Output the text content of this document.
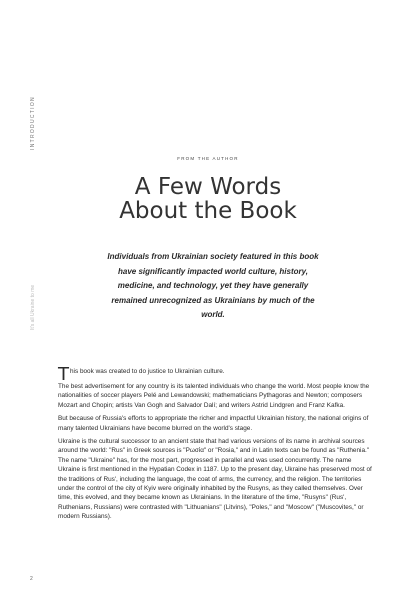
INTRODUCTION
It's all Ukraine to me
FROM THE AUTHOR
A Few Words
About the Book

Individuals from Ukrainian society featured in this book have significantly impacted world culture, history, medicine, and technology, yet they have generally remained unrecognized as Ukrainians by much of the world.

This book was created to do justice to Ukrainian culture.

The best advertisement for any country is its talented individuals who change the world. Most people know the nationalities of soccer players Pelé and Lewandowski; mathematicians Pythagoras and Newton; composers Mozart and Chopin; artists Van Gogh and Salvador Dalí; and writers Astrid Lindgren and Franz Kafka.

But because of Russia's efforts to appropriate the richer and impactful Ukrainian history, the national origins of many talented Ukrainians have become blurred on the world's stage.

Ukraine is the cultural successor to an ancient state that had various versions of its name in archival sources around the world: "Rus" in Greek sources is "Ρωσία" or "Rosia," and in Latin texts can be found as "Ruthenia." The name "Ukraine" has, for the most part, progressed in parallel and was used concurrently. The name Ukraine is first mentioned in the Hypatian Codex in 1187. Up to the present day, Ukraine has preserved most of the traditions of Rus', including the language, the coat of arms, the currency, and the religion. The territories under the control of the city of Kyiv were originally inhabited by the Rusyns, as they called themselves. Over time, this evolved, and they became known as Ukrainians. In the literature of the time, "Rusyns" (Rus', Ruthenians, Russians) were contrasted with "Lithuanians" (Litvins), "Poles," and "Moscow" ("Muscovites," or modern Russians).

2
